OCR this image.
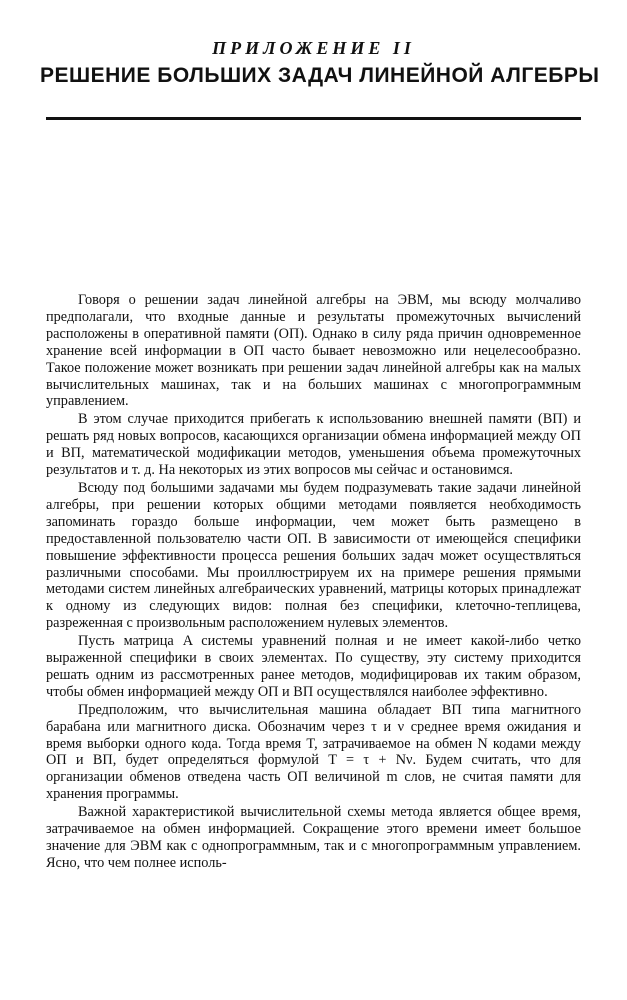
ПРИЛОЖЕНИЕ II
РЕШЕНИЕ БОЛЬШИХ ЗАДАЧ ЛИНЕЙНОЙ АЛГЕБРЫ

Говоря о решении задач линейной алгебры на ЭВМ, мы всюду молчаливо предполагали, что входные данные и результаты промежуточных вычислений расположены в оперативной памяти (ОП). Однако в силу ряда причин одновременное хранение всей информации в ОП часто бывает невозможно или нецелесообразно. Такое положение может возникать при решении задач линейной алгебры как на малых вычислительных машинах, так и на больших машинах с многопрограммным управлением.

В этом случае приходится прибегать к использованию внешней памяти (ВП) и решать ряд новых вопросов, касающихся организации обмена информацией между ОП и ВП, математической модификации методов, уменьшения объема промежуточных результатов и т. д. На некоторых из этих вопросов мы сейчас и остановимся.

Всюду под большими задачами мы будем подразумевать такие задачи линейной алгебры, при решении которых общими методами появляется необходимость запоминать гораздо больше информации, чем может быть размещено в предоставленной пользователю части ОП. В зависимости от имеющейся специфики повышение эффективности процесса решения больших задач может осуществляться различными способами. Мы проиллюстрируем их на примере решения прямыми методами систем линейных алгебраических уравнений, матрицы которых принадлежат к одному из следующих видов: полная без специфики, клеточно-теплицева, разреженная с произвольным расположением нулевых элементов.

Пусть матрица A системы уравнений полная и не имеет какой-либо четко выраженной специфики в своих элементах. По существу, эту систему приходится решать одним из рассмотренных ранее методов, модифицировав их таким образом, чтобы обмен информацией между ОП и ВП осуществлялся наиболее эффективно.

Предположим, что вычислительная машина обладает ВП типа магнитного барабана или магнитного диска. Обозначим через τ и ν среднее время ожидания и время выборки одного кода. Тогда время T, затрачиваемое на обмен N кодами между ОП и ВП, будет определяться формулой T = τ + Nν. Будем считать, что для организации обменов отведена часть ОП величиной m слов, не считая памяти для хранения программы.

Важной характеристикой вычислительной схемы метода является общее время, затрачиваемое на обмен информацией. Сокращение этого времени имеет большое значение для ЭВМ как с однопрограммным, так и с многопрограммным управлением. Ясно, что чем полнее исполь-
